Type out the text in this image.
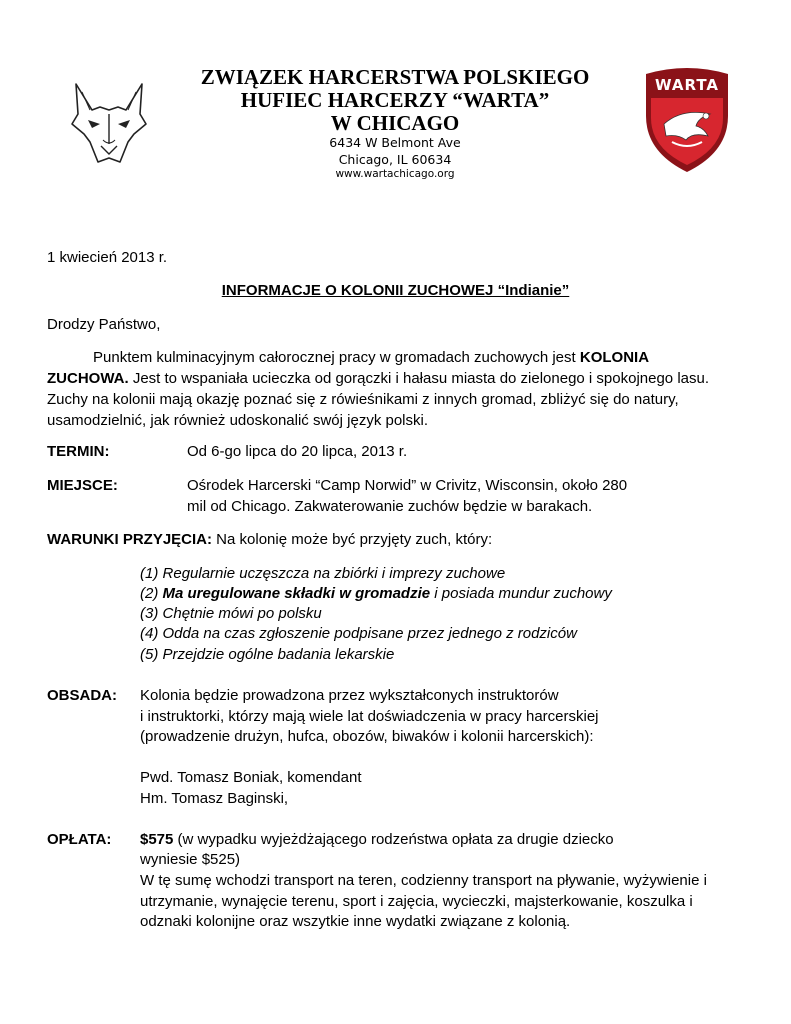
ZWIĄZEK HARCERSTWA POLSKIEGO
HUFIEC HARCERZY “WARTA”
W CHICAGO
6434 W Belmont Ave
Chicago, IL 60634
www.wartachicago.org
WARTA
1 kwiecień 2013 r.
INFORMACJE O KOLONII ZUCHOWEJ “Indianie”
Drodzy Państwo,
Punktem kulminacyjnym całorocznej pracy w gromadach zuchowych jest KOLONIA
ZUCHOWA. Jest to wspaniała ucieczka od gorączki i hałasu miasta do zielonego i spokojnego lasu.
Zuchy na kolonii mają okazję poznać się z rówieśnikami z innych gromad, zbliżyć się do natury,
usamodzielnić, jak również udoskonalić swój język polski.
TERMIN:	Od 6-go lipca do 20 lipca, 2013 r.
MIEJSCE:	Ośrodek Harcerski “Camp Norwid” w Crivitz, Wisconsin, około 280
mil od Chicago. Zakwaterowanie zuchów będzie w barakach.
WARUNKI PRZYJĘCIA: Na kolonię może być przyjęty zuch, który:
(1) Regularnie uczęszcza na zbiórki i imprezy zuchowe
(2) Ma uregulowane składki w gromadzie i posiada mundur zuchowy
(3) Chętnie mówi po polsku
(4) Odda na czas zgłoszenie podpisane przez jednego z rodziców
(5) Przejdzie ogólne badania lekarskie
OBSADA: Kolonia będzie prowadzona przez wykształconych instruktorów
i instruktorki, którzy mają wiele lat doświadczenia w pracy harcerskiej
(prowadzenie drużyn, hufca, obozów, biwaków i kolonii harcerskich):
Pwd. Tomasz Boniak, komendant
Hm. Tomasz Baginski,
OPŁATA: $575 (w wypadku wyjeżdżającego rodzeństwa opłata za drugie dziecko
wyniesie $525)
W tę sumę wchodzi transport na teren, codzienny transport na pływanie, wyżywienie i
utrzymanie, wynajęcie terenu, sport i zajęcia, wycieczki, majsterkowanie, koszulka i
odznaki kolonijne oraz wszytkie inne wydatki związane z kolonią.
